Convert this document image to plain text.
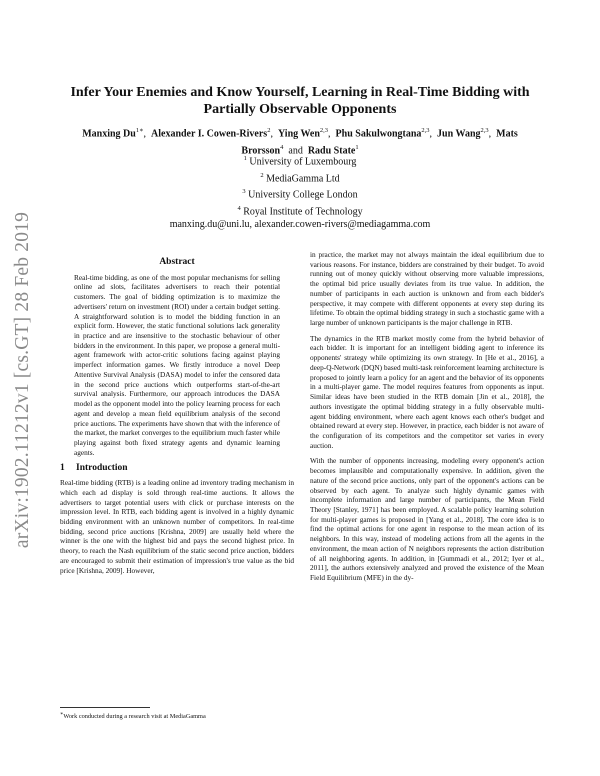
arXiv:1902.11212v1 [cs.GT] 28 Feb 2019
Infer Your Enemies and Know Yourself, Learning in Real-Time Bidding with
Partially Observable Opponents
Manxing $Du^{1∗}$,  Alexander I. Cowen-Rivers$^2$,  Ying Wen$^{2,3}$,  Phu Sakulwongtana$^{2,3}$,  Jun Wang$^{2,3}$,  Mats Brorsson$^4$ and Radu State$^1$
$^1$ University of Luxembourg
$^2$ MediaGamma Ltd
$^3$ University College London
$^4$ Royal Institute of Technology
manxing.du@uni.lu, alexander.cowen-rivers@mediagamma.com
Abstract

Real-time bidding, as one of the most popular mechanisms for selling online ad slots, facilitates advertisers to reach their potential customers. The goal of bidding optimization is to maximize the advertisers' return on investment (ROI) under a certain budget setting. A straightforward solution is to model the bidding function in an explicit form. However, the static functional solutions lack generality in practice and are insensitive to the stochastic behaviour of other bidders in the environment. In this paper, we propose a general multi-agent framework with actor-critic solutions facing against playing imperfect information games. We firstly introduce a novel Deep Attentive Survival Analysis (DASA) model to infer the censored data in the second price auctions which outperforms start-of-the-art survival analysis. Furthermore, our approach introduces the DASA model as the opponent model into the policy learning process for each agent and develop a mean field equilibrium analysis of the second price auctions. The experiments have shown that with the inference of the market, the market converges to the equilibrium much faster while playing against both fixed strategy agents and dynamic learning agents.

1 Introduction

Real-time bidding (RTB) is a leading online ad inventory trading mechanism in which each ad display is sold through real-time auctions. It allows the advertisers to target potential users with click or purchase interests on the impression level. In RTB, each bidding agent is involved in a highly dynamic bidding environment with an unknown number of competitors. In real-time bidding, second price auctions [Krishna, 2009] are usually held where the winner is the one with the highest bid and pays the second highest price. In theory, to reach the Nash equilibrium of the static second price auction, bidders are encouraged to submit their estimation of impression's true value as the bid price [Krishna, 2009]. However,

in practice, the market may not always maintain the ideal equilibrium due to various reasons. For instance, bidders are constrained by their budget. To avoid running out of money quickly without observing more valuable impressions, the optimal bid price usually deviates from its true value. In addition, the number of participants in each auction is unknown and from each bidder's perspective, it may compete with different opponents at every step during its lifetime. To obtain the optimal bidding strategy in such a stochastic game with a large number of unknown participants is the major challenge in RTB.

The dynamics in the RTB market mostly come from the hybrid behavior of each bidder. It is important for an intelligent bidding agent to inference its opponents' strategy while optimizing its own strategy. In [He et al., 2016], a deep-Q-Network (DQN) based multi-task reinforcement learning architecture is proposed to jointly learn a policy for an agent and the behavior of its opponents in a multi-player game. The model requires features from opponents as input. Similar ideas have been studied in the RTB domain [Jin et al., 2018], the authors investigate the optimal bidding strategy in a fully observable multi-agent bidding environment, where each agent knows each other's budget and obtained reward at every step. However, in practice, each bidder is not aware of the configuration of its competitors and the competitor set varies in every auction.

With the number of opponents increasing, modeling every opponent's action becomes implausible and computationally expensive. In addition, given the nature of the second price auctions, only part of the opponent's actions can be observed by each agent. To analyze such highly dynamic games with incomplete information and large number of participants, the Mean Field Theory [Stanley, 1971] has been employed. A scalable policy learning solution for multi-player games is proposed in [Yang et al., 2018]. The core idea is to find the optimal actions for one agent in response to the mean action of its neighbors. In this way, instead of modeling actions from all the agents in the environment, the mean action of N neighbors represents the action distribution of all neighboring agents. In addition, in [Gummadi et al., 2012; Iyer et al., 2011], the authors extensively analyzed and proved the existence of the Mean Field Equilibrium (MFE) in the dy-

∗Work conducted during a research visit at MediaGamma
